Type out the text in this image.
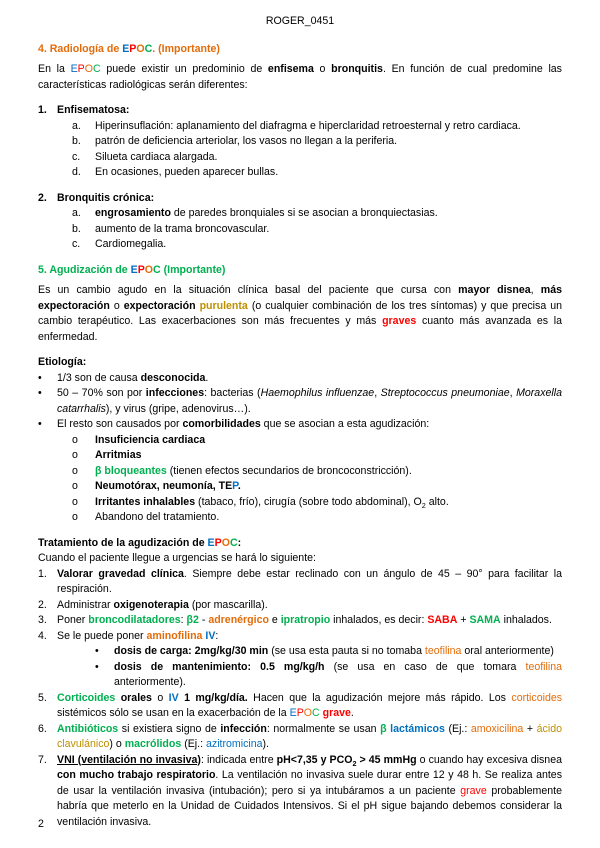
ROGER_0451
4. Radiología de EPOC. (Importante)
En la EPOC puede existir un predominio de enfisema o bronquitis. En función de cual predomine las características radiológicas serán diferentes:
1. Enfisematosa:
a.	Hiperinsuflación: aplanamiento del diafragma e hiperclaridad retroesternal y retro cardiaca.
b.	patrón de deficiencia arteriolar, los vasos no llegan a la periferia.
c.	Silueta cardiaca alargada.
d.	En ocasiones, pueden aparecer bullas.
2. Bronquitis crónica:
a.	engrosamiento de paredes bronquiales si se asocian a bronquiectasias.
b.	aumento de la trama broncovascular.
c.	Cardiomegalia.
5. Agudización de EPOC (Importante)
Es un cambio agudo en la situación clínica basal del paciente que cursa con mayor disnea, más expectoración o expectoración purulenta (o cualquier combinación de los tres síntomas) y que precisa un cambio terapéutico. Las exacerbaciones son más frecuentes y más graves cuanto más avanzada es la enfermedad.
Etiología:
•	1/3 son de causa desconocida.
•	50 – 70% son por infecciones: bacterias (Haemophilus influenzae, Streptococcus pneumoniae, Moraxella catarrhalis), y virus (gripe, adenovirus…).
•	El resto son causados por comorbilidades que se asocian a esta agudización:
o	Insuficiencia cardiaca
o	Arritmias
o	β bloqueantes (tienen efectos secundarios de broncoconstricción).
o	Neumotórax, neumonía, TEP.
o	Irritantes inhalables (tabaco, frío), cirugía (sobre todo abdominal), $O_2$ alto.
o	Abandono del tratamiento.
Tratamiento de la agudización de EPOC:
Cuando el paciente llegue a urgencias se hará lo siguiente:
1. Valorar gravedad clínica. Siempre debe estar reclinado con un ángulo de 45 – 90° para facilitar la respiración.
2. Administrar oxigenoterapia (por mascarilla).
3. Poner broncodilatadores: β2 - adrenérgico e ipratropio inhalados, es decir: SABA + SAMA inhalados.
4. Se le puede poner aminofilina IV:
•	dosis de carga: 2mg/kg/30 min (se usa esta pauta si no tomaba teofilina oral anteriormente)
•	dosis de mantenimiento: 0.5 mg/kg/h (se usa en caso de que tomara teofilina anteriormente).
5. Corticoides orales o IV 1 mg/kg/día. Hacen que la agudización mejore más rápido. Los corticoides sistémicos sólo se usan en la exacerbación de la EPOC grave.
6. Antibióticos si existiera signo de infección: normalmente se usan β lactámicos (Ej.: amoxicilina + ácido clavulánico) o macrólidos (Ej.: azitromicina).
7. VNI (ventilación no invasiva): indicada entre pH<7,35 y $PCO_2 > 45$ mmHg o cuando hay excesiva disnea con mucho trabajo respiratorio. La ventilación no invasiva suele durar entre 12 y 48 h. Se realiza antes de usar la ventilación invasiva (intubación); pero si ya intubáramos a un paciente grave probablemente habría que meterlo en la Unidad de Cuidados Intensivos. Si el pH sigue bajando debemos considerar la ventilación invasiva.
2
